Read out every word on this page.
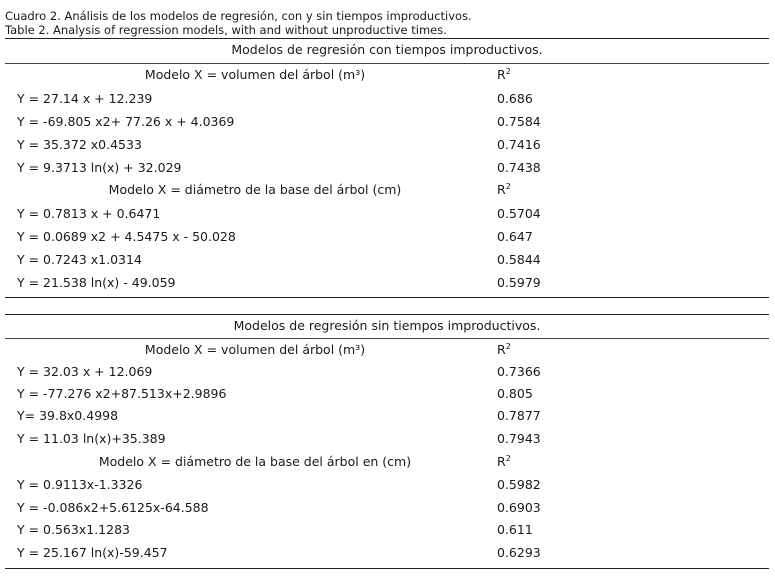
Cuadro 2. Análisis de los modelos de regresión, con y sin tiempos improductivos.
Table 2. Analysis of regression models, with and without unproductive times.
Modelos de regresión con tiempos improductivos.
Modelo X = volumen del árbol (m³)	$R^2$
Y = 27.14 x + 12.239	0.686
Y = -69.805 x2+ 77.26 x + 4.0369	0.7584
Y = 35.372 x0.4533	0.7416
Y = 9.3713 ln(x) + 32.029	0.7438
Modelo X = diámetro de la base del árbol (cm)	$R^2$
Y = 0.7813 x + 0.6471	0.5704
Y = 0.0689 x2 + 4.5475 x - 50.028	0.647
Y = 0.7243 x1.0314	0.5844
Y = 21.538 ln(x) - 49.059	0.5979
Modelos de regresión sin tiempos improductivos.
Modelo X = volumen del árbol (m³)	$R^2$
Y = 32.03 x + 12.069	0.7366
Y = -77.276 x2+87.513x+2.9896	0.805
Y= 39.8x0.4998	0.7877
Y = 11.03 ln(x)+35.389	0.7943
Modelo X = diámetro de la base del árbol en (cm)	$R^2$
Y = 0.9113x-1.3326	0.5982
Y = -0.086x2+5.6125x-64.588	0.6903
Y = 0.563x1.1283	0.611
Y = 25.167 ln(x)-59.457	0.6293
